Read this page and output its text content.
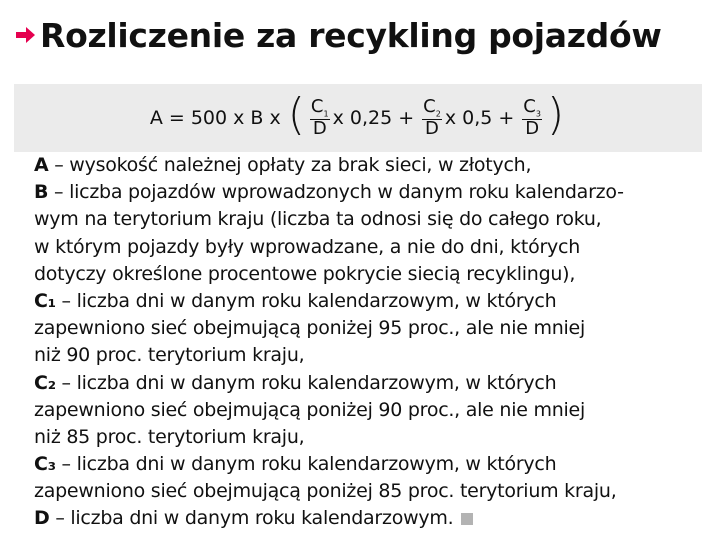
Rozliczenie za recykling pojazdów
A = 500 x B x ( $\frac{C_1}{D}$ x $0,25 + \frac{C_2}{D}$ x $0,5 + \frac{C_3}{D}$ )
A – wysokość należnej opłaty za brak sieci, w złotych,
B – liczba pojazdów wprowadzonych w danym roku kalendarzo-
wym na terytorium kraju (liczba ta odnosi się do całego roku,
w którym pojazdy były wprowadzane, a nie do dni, których
dotyczy określone procentowe pokrycie siecią recyklingu),
C₁ – liczba dni w danym roku kalendarzowym, w których
zapewniono sieć obejmującą poniżej 95 proc., ale nie mniej
niż 90 proc. terytorium kraju,
C₂ – liczba dni w danym roku kalendarzowym, w których
zapewniono sieć obejmującą poniżej 90 proc., ale nie mniej
niż 85 proc. terytorium kraju,
C₃ – liczba dni w danym roku kalendarzowym, w których
zapewniono sieć obejmującą poniżej 85 proc. terytorium kraju,
D – liczba dni w danym roku kalendarzowym.
